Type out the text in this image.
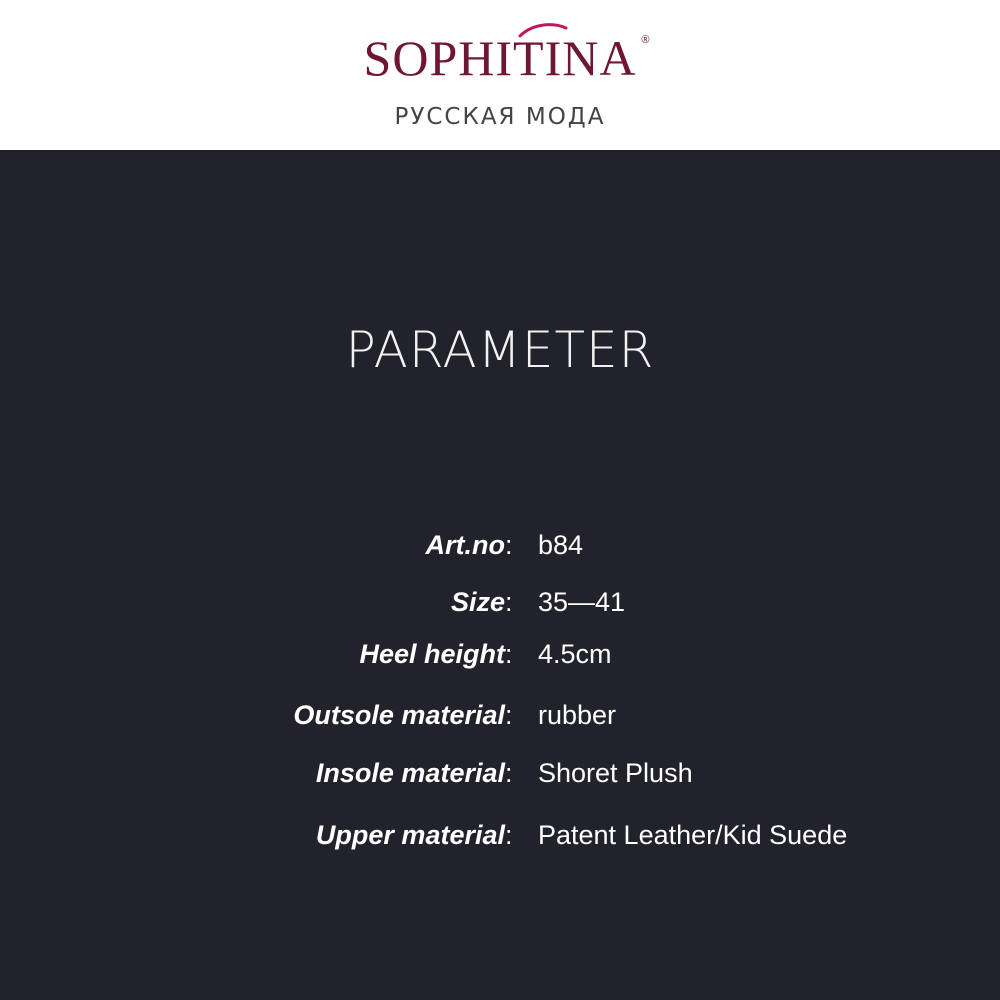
SOPHITINA ®
РУССКАЯ МОДА
PARAMETER
Art.no : b84
Size : 35—41
Heel height : 4.5cm
Outsole material : rubber
Insole material : Shoret Plush
Upper material : Patent Leather/Kid Suede
